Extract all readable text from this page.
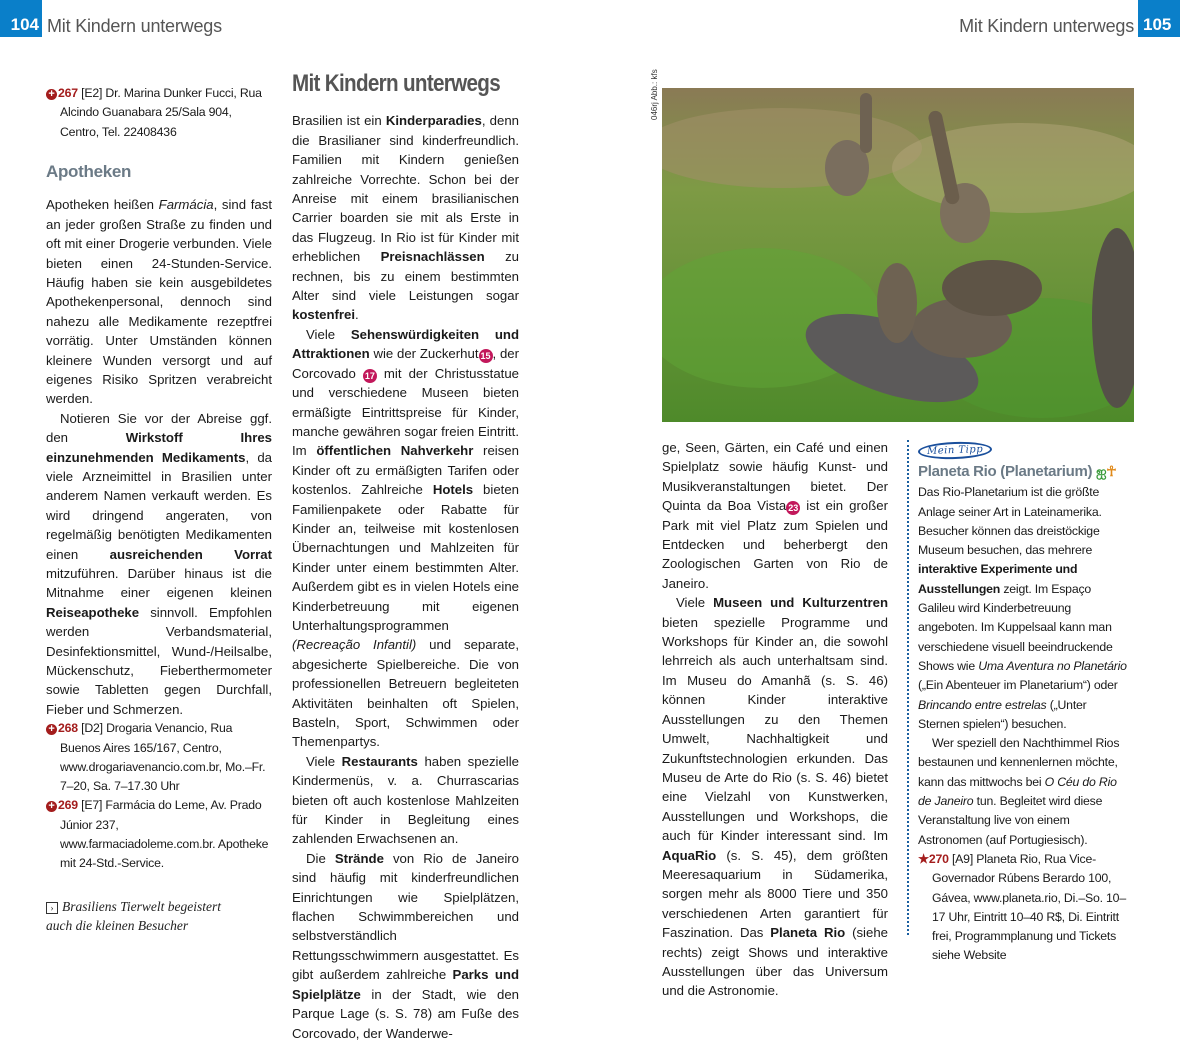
104 Mit Kindern unterwegs	Mit Kindern unterwegs 105
+ 267 [E2] Dr. Marina Dunker Fucci, Rua Alcindo Guanabara 25/Sala 904, Centro, Tel. 22408436
Apotheken

Apotheken heißen Farmácia, sind fast an jeder großen Straße zu finden und oft mit einer Drogerie verbunden. Viele bieten einen 24-Stunden-Service. Häufig haben sie kein ausgebildetes Apothekenpersonal, dennoch sind nahezu alle Medikamente rezeptfrei vorrätig. Unter Umständen können kleinere Wunden versorgt und auf eigenes Risiko Spritzen verabreicht werden.

Notieren Sie vor der Abreise ggf. den Wirkstoff Ihres einzunehmenden Medikaments, da viele Arzneimittel in Brasilien unter anderem Namen verkauft werden. Es wird dringend angeraten, von regelmäßig benötigten Medikamenten einen ausreichenden Vorrat mitzuführen. Darüber hinaus ist die Mitnahme einer eigenen kleinen Reiseapotheke sinnvoll. Empfohlen werden Verbandsmaterial, Desinfektionsmittel, Wund-/Heilsalbe, Mückenschutz, Fieberthermometer sowie Tabletten gegen Durchfall, Fieber und Schmerzen.

+ 268 [D2] Drogaria Venancio, Rua Buenos Aires 165/167, Centro, www.drogariavenancio.com.br, Mo.–Fr. 7–20, Sa. 7–17.30 Uhr
+ 269 [E7] Farmácia do Leme, Av. Prado Júnior 237, www.farmaciadoleme.com.br. Apotheke mit 24-Std.-Service.
› Brasiliens Tierwelt begeistert auch die kleinen Besucher
Mit Kindern unterwegs

Brasilien ist ein Kinderparadies, denn die Brasilianer sind kinderfreundlich. Familien mit Kindern genießen zahlreiche Vorrechte. Schon bei der Anreise mit einem brasilianischen Carrier boarden sie mit als Erste in das Flugzeug. In Rio ist für Kinder mit erheblichen Preisnachlässen zu rechnen, bis zu einem bestimmten Alter sind viele Leistungen sogar kostenfrei.

Viele Sehenswürdigkeiten und Attraktionen wie der Zuckerhut 15 , der Corcovado 17 mit der Christusstatue und verschiedene Museen bieten ermäßigte Eintrittspreise für Kinder, manche gewähren sogar freien Eintritt. Im öffentlichen Nahverkehr reisen Kinder oft zu ermäßigten Tarifen oder kostenlos. Zahlreiche Hotels bieten Familienpakete oder Rabatte für Kinder an, teilweise mit kostenlosen Übernachtungen und Mahlzeiten für Kinder unter einem bestimmten Alter. Außerdem gibt es in vielen Hotels eine Kinderbetreuung mit eigenen Unterhaltungsprogrammen (Recreação Infantil) und separate, abgesicherte Spielbereiche. Die von professionellen Betreuern begleiteten Aktivitäten beinhalten oft Spielen, Basteln, Sport, Schwimmen oder Themenpartys.

Viele Restaurants haben spezielle Kindermenüs, v. a. Churrascarias bieten oft auch kostenlose Mahlzeiten für Kinder in Begleitung eines zahlenden Erwachsenen an.

Die Strände von Rio de Janeiro sind häufig mit kinderfreundlichen Einrichtungen wie Spielplätzen, flachen Schwimmbereichen und selbstverständlich Rettungsschwimmern ausgestattet. Es gibt außerdem zahlreiche Parks und Spielplätze in der Stadt, wie den Parque Lage (s. S. 78) am Fuße des Corcovado, der Wanderwe-

046rj Abb.: kfs

ge, Seen, Gärten, ein Café und einen Spielplatz sowie häufig Kunst- und Musikveranstaltungen bietet. Der Quinta da Boa Vista 23 ist ein großer Park mit viel Platz zum Spielen und Entdecken und beherbergt den Zoologischen Garten von Rio de Janeiro.

Viele Museen und Kulturzentren bieten spezielle Programme und Workshops für Kinder an, die sowohl lehrreich als auch unterhaltsam sind. Im Museu do Amanhã (s. S. 46) können Kinder interaktive Ausstellungen zu den Themen Umwelt, Nachhaltigkeit und Zukunftstechnologien erkunden. Das Museu de Arte do Rio (s. S. 46) bietet eine Vielzahl von Kunstwerken, Ausstellungen und Workshops, die auch für Kinder interessant sind. Im AquaRio (s. S. 45), dem größten Meeresaquarium in Südamerika, sorgen mehr als 8000 Tiere und 350 verschiedenen Arten garantiert für Faszination. Das Planeta Rio (siehe rechts) zeigt Shows und interaktive Ausstellungen über das Universum und die Astronomie.

Mein Tipp
Planeta Rio (Planetarium) ஐ☥

Das Rio-Planetarium ist die größte Anlage seiner Art in Lateinamerika. Besucher können das dreistöckige Museum besuchen, das mehrere interaktive Experimente und Ausstellungen zeigt. Im Espaço Galileu wird Kinderbetreuung angeboten. Im Kuppelsaal kann man verschiedene visuell beeindruckende Shows wie Uma Aventura no Planetário („Ein Abenteuer im Planetarium“) oder Brincando entre estrelas („Unter Sternen spielen“) besuchen.

Wer speziell den Nachthimmel Rios bestaunen und kennenlernen möchte, kann das mittwochs bei O Céu do Rio de Janeiro tun. Begleitet wird diese Veranstaltung live von einem Astronomen (auf Portugiesisch).

★270 [A9] Planeta Rio, Rua Vice-Governador Rúbens Berardo 100, Gávea, www.planeta.rio, Di.–So. 10–17 Uhr, Eintritt 10–40 R$, Di. Eintritt frei, Programmplanung und Tickets siehe Website
